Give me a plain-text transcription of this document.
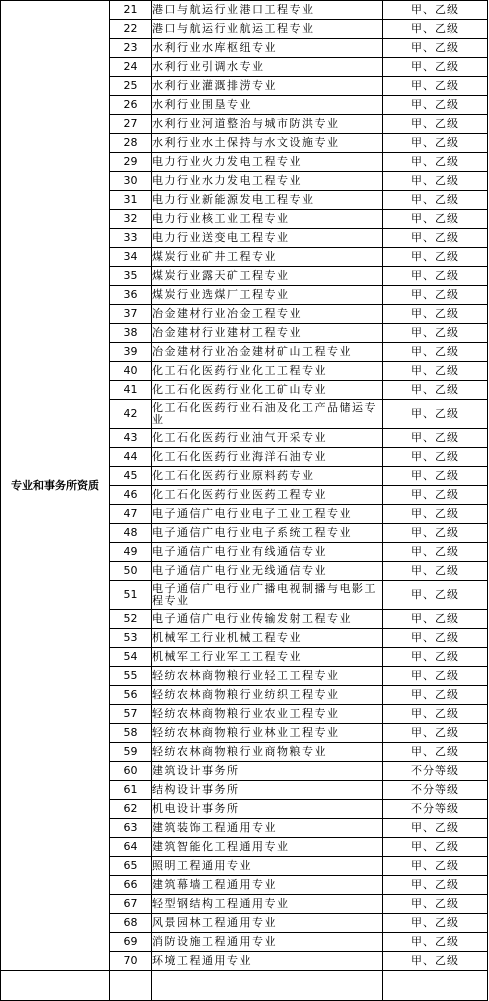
专业和事务所资质	21	港口与航运行业港口工程专业	甲、乙级
	22	港口与航运行业航运工程专业	甲、乙级
	23	水利行业水库枢纽专业	甲、乙级
	24	水利行业引调水专业	甲、乙级
	25	水利行业灌溉排涝专业	甲、乙级
	26	水利行业围垦专业	甲、乙级
	27	水利行业河道整治与城市防洪专业	甲、乙级
	28	水利行业水土保持与水文设施专业	甲、乙级
	29	电力行业火力发电工程专业	甲、乙级
	30	电力行业水力发电工程专业	甲、乙级
	31	电力行业新能源发电工程专业	甲、乙级
	32	电力行业核工业工程专业	甲、乙级
	33	电力行业送变电工程专业	甲、乙级
	34	煤炭行业矿井工程专业	甲、乙级
	35	煤炭行业露天矿工程专业	甲、乙级
	36	煤炭行业选煤厂工程专业	甲、乙级
	37	冶金建材行业冶金工程专业	甲、乙级
	38	冶金建材行业建材工程专业	甲、乙级
	39	冶金建材行业冶金建材矿山工程专业	甲、乙级
	40	化工石化医药行业化工工程专业	甲、乙级
	41	化工石化医药行业化工矿山专业	甲、乙级
	42	化工石化医药行业石油及化工产品储运专业	甲、乙级
	43	化工石化医药行业油气开采专业	甲、乙级
	44	化工石化医药行业海洋石油专业	甲、乙级
	45	化工石化医药行业原料药专业	甲、乙级
	46	化工石化医药行业医药工程专业	甲、乙级
	47	电子通信广电行业电子工业工程专业	甲、乙级
	48	电子通信广电行业电子系统工程专业	甲、乙级
	49	电子通信广电行业有线通信专业	甲、乙级
	50	电子通信广电行业无线通信专业	甲、乙级
	51	电子通信广电行业广播电视制播与电影工程专业	甲、乙级
	52	电子通信广电行业传输发射工程专业	甲、乙级
	53	机械军工行业机械工程专业	甲、乙级
	54	机械军工行业军工工程专业	甲、乙级
	55	轻纺农林商物粮行业轻工工程专业	甲、乙级
	56	轻纺农林商物粮行业纺织工程专业	甲、乙级
	57	轻纺农林商物粮行业农业工程专业	甲、乙级
	58	轻纺农林商物粮行业林业工程专业	甲、乙级
	59	轻纺农林商物粮行业商物粮专业	甲、乙级
	60	建筑设计事务所	不分等级
	61	结构设计事务所	不分等级
	62	机电设计事务所	不分等级
	63	建筑装饰工程通用专业	甲、乙级
	64	建筑智能化工程通用专业	甲、乙级
	65	照明工程通用专业	甲、乙级
	66	建筑幕墙工程通用专业	甲、乙级
	67	轻型钢结构工程通用专业	甲、乙级
	68	风景园林工程通用专业	甲、乙级
	69	消防设施工程通用专业	甲、乙级
	70	环境工程通用专业	甲、乙级
